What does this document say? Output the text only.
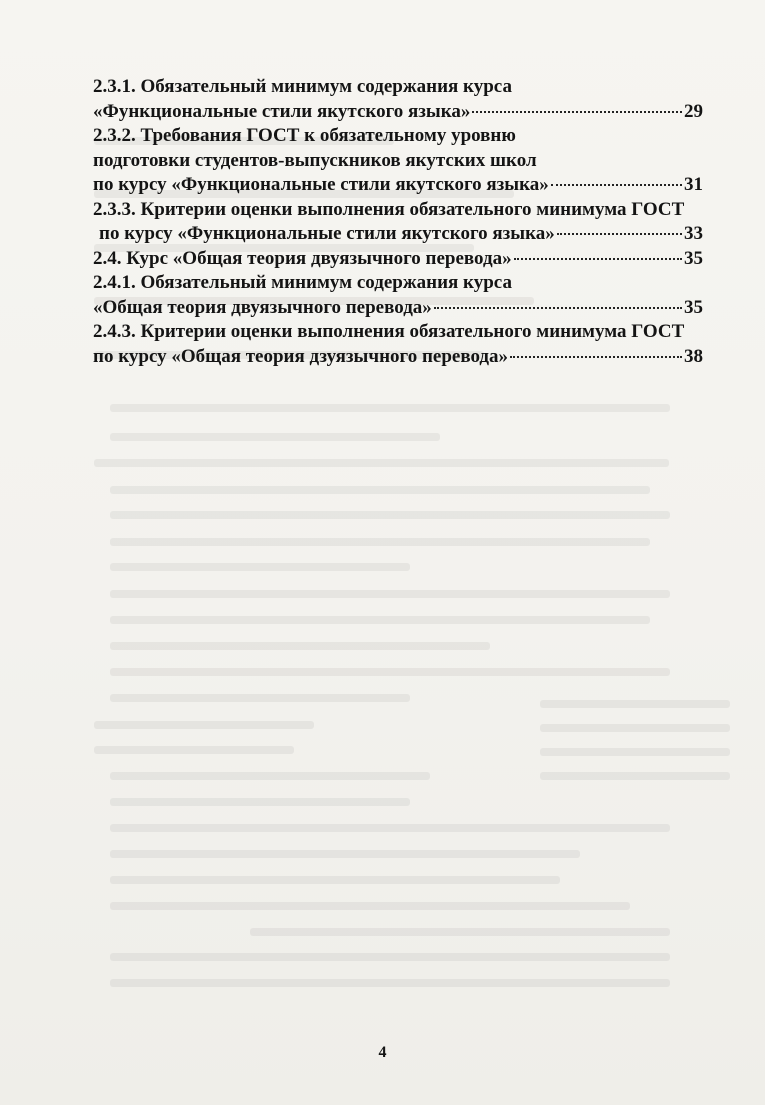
2.3.1. Обязательный минимум содержания курса
«Функциональные стили якутского языка»	29
2.3.2. Требования ГОСТ к обязательному уровню
подготовки студентов-выпускников якутских школ
по курсу «Функциональные стили якутского языка»	31
2.3.3. Критерии оценки выполнения обязательного минимума ГОСТ
по курсу «Функциональные стили якутского языка»	33
2.4. Курс «Общая теория двуязычного перевода»	35
2.4.1. Обязательный минимум содержания курса
«Общая теория двуязычного перевода»	35
2.4.3. Критерии оценки выполнения обязательного минимума ГОСТ
по курсу «Общая теория дзуязычного перевода»	38
4
